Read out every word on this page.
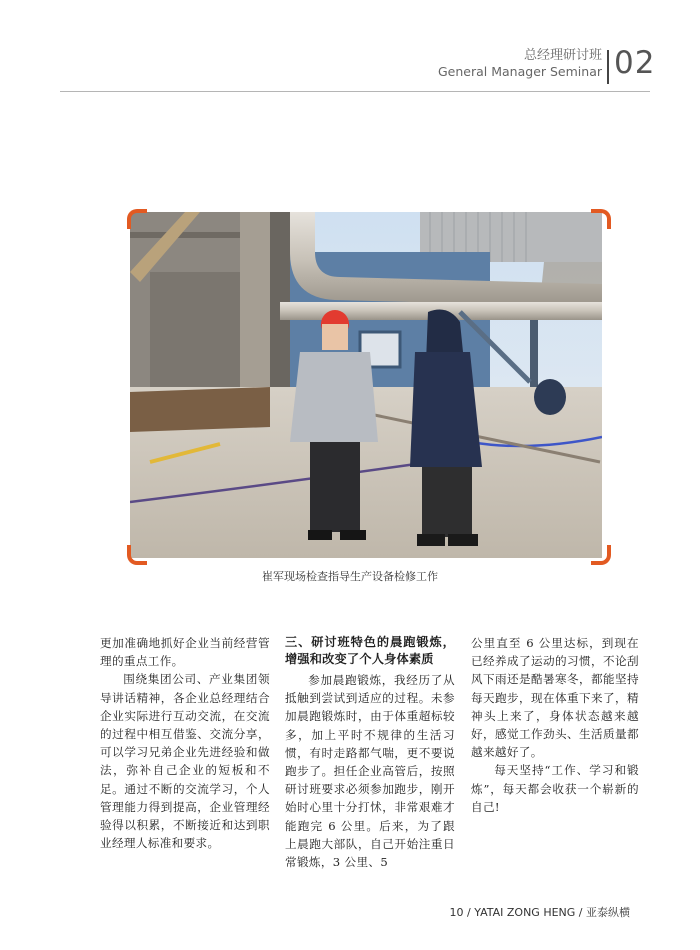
总经理研讨班
General Manager Seminar 02
崔军现场检查指导生产设备检修工作

更加准确地抓好企业当前经营管理的重点工作。

围绕集团公司、产业集团领导讲话精神，各企业总经理结合企业实际进行互动交流，在交流的过程中相互借鉴、交流分享，可以学习兄弟企业先进经验和做法，弥补自己企业的短板和不足。通过不断的交流学习，个人管理能力得到提高，企业管理经验得以积累，不断接近和达到职业经理人标准和要求。

三、研讨班特色的晨跑锻炼，增强和改变了个人身体素质

参加晨跑锻炼，我经历了从抵触到尝试到适应的过程。未参加晨跑锻炼时，由于体重超标较多，加上平时不规律的生活习惯，有时走路都气喘，更不要说跑步了。担任企业高管后，按照研讨班要求必须参加跑步，刚开始时心里十分打怵，非常艰难才能跑完 6 公里。后来，为了跟上晨跑大部队，自己开始注重日常锻炼，3 公里、5

公里直至 6 公里达标，到现在已经养成了运动的习惯，不论刮风下雨还是酷暑寒冬，都能坚持每天跑步，现在体重下来了，精神头上来了，身体状态越来越好，感觉工作劲头、生活质量都越来越好了。

每天坚持“工作、学习和锻炼”，每天都会收获一个崭新的自己!

10 / YATAI ZONG HENG / 亚泰纵横
